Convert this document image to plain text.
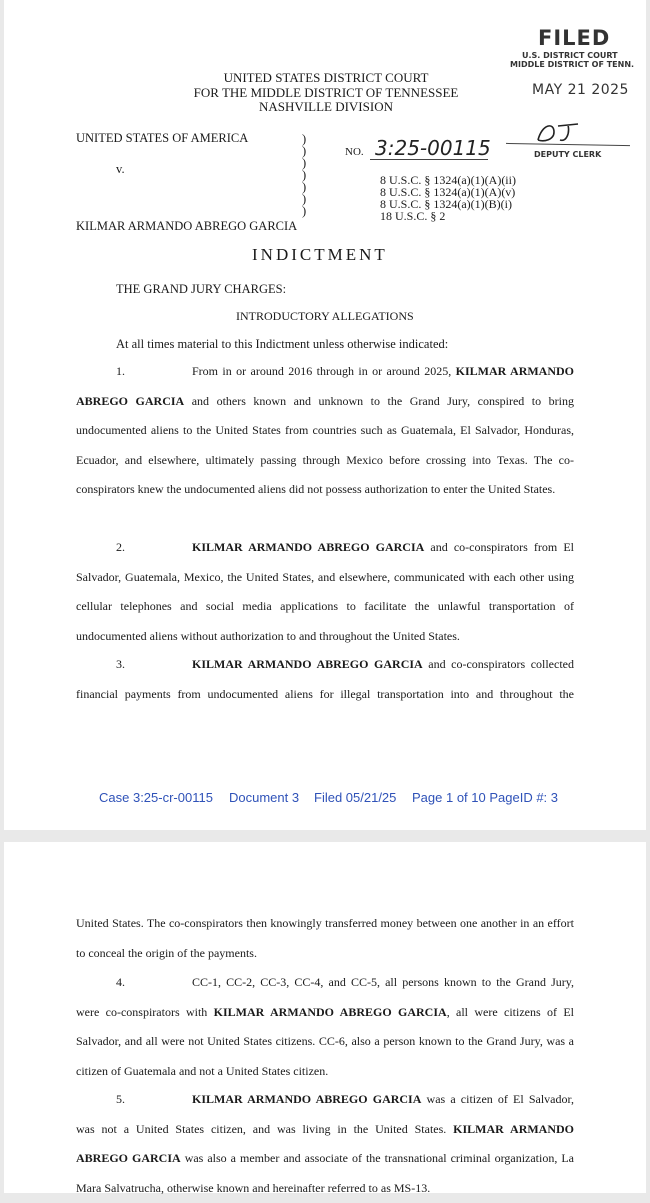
FILED
U.S. DISTRICT COURT
MIDDLE DISTRICT OF TENN.
MAY 21 2025
UNITED STATES DISTRICT COURT
FOR THE MIDDLE DISTRICT OF TENNESSEE
NASHVILLE DIVISION
UNITED STATES OF AMERICA
v.
KILMAR ARMANDO ABREGO GARCIA
)
)
)
)
)
)
)
NO. 3:25-00115	DEPUTY CLERK
8 U.S.C. § 1324(a)(1)(A)(ii)
8 U.S.C. § 1324(a)(1)(A)(v)
8 U.S.C. § 1324(a)(1)(B)(i)
18 U.S.C. § 2
INDICTMENT
THE GRAND JURY CHARGES:
INTRODUCTORY ALLEGATIONS
At all times material to this Indictment unless otherwise indicated:
1.	From in or around 2016 through in or around 2025, KILMAR ARMANDO ABREGO GARCIA and others known and unknown to the Grand Jury, conspired to bring undocumented aliens to the United States from countries such as Guatemala, El Salvador, Honduras, Ecuador, and elsewhere, ultimately passing through Mexico before crossing into Texas. The co-conspirators knew the undocumented aliens did not possess authorization to enter the United States.
2.	KILMAR ARMANDO ABREGO GARCIA and co-conspirators from El Salvador, Guatemala, Mexico, the United States, and elsewhere, communicated with each other using cellular telephones and social media applications to facilitate the unlawful transportation of undocumented aliens without authorization to and throughout the United States.
3.	KILMAR ARMANDO ABREGO GARCIA and co-conspirators collected financial payments from undocumented aliens for illegal transportation into and throughout the
Case 3:25-cr-00115 Document 3 Filed 05/21/25 Page 1 of 10 PageID #: 3
United States. The co-conspirators then knowingly transferred money between one another in an effort to conceal the origin of the payments.
4.	CC-1, CC-2, CC-3, CC-4, and CC-5, all persons known to the Grand Jury, were co-conspirators with KILMAR ARMANDO ABREGO GARCIA, all were citizens of El Salvador, and all were not United States citizens. CC-6, also a person known to the Grand Jury, was a citizen of Guatemala and not a United States citizen.
5.	KILMAR ARMANDO ABREGO GARCIA was a citizen of El Salvador, was not a United States citizen, and was living in the United States. KILMAR ARMANDO ABREGO GARCIA was also a member and associate of the transnational criminal organization, La Mara Salvatrucha, otherwise known and hereinafter referred to as MS-13.
